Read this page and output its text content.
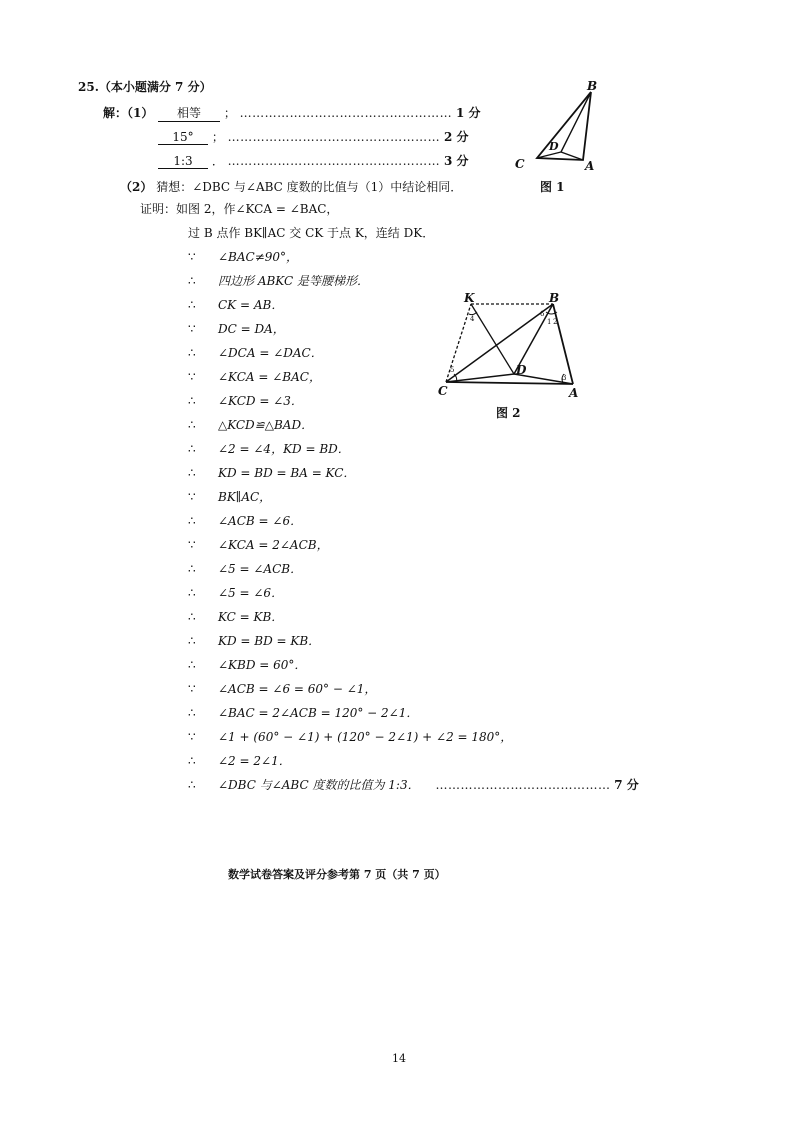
25.（本小题满分 7 分）
解：（1）	相等 ； …………………………………………… 1 分
15° ； …………………………………………… 2 分
1:3 ． …………………………………………… 3 分
B
C
D
A
图 1
（2） 猜想：∠DBC 与∠ABC 度数的比值与（1）中结论相同．
证明：如图 2，作∠KCA = ∠BAC，
过 B 点作 BK∥AC 交 CK 于点 K，连结 DK．
∵ ∠BAC≠90°，
∴ 四边形 ABKC 是等腰梯形．
∴ CK = AB．
∵ DC = DA，
∴ ∠DCA = ∠DAC．
∵ ∠KCA = ∠BAC，
∴ ∠KCD = ∠3．
∴ △KCD≌△BAD．
∴ ∠2 = ∠4，KD = BD．
∴ KD = BD = BA = KC．
∵ BK∥AC，
∴ ∠ACB = ∠6．
∵ ∠KCA = 2∠ACB，
∴ ∠5 = ∠ACB．
∴ ∠5 = ∠6．
∴ KC = KB．
∴ KD = BD = KB．
∴ ∠KBD = 60°．
∵ ∠ACB = ∠6 = 60° − ∠1，
∴ ∠BAC = 2∠ACB = 120° − 2∠1．
∵ ∠1 + (60° − ∠1) + (120° − 2∠1) + ∠2 = 180°，
∴ ∠2 = 2∠1．
∴ ∠DBC 与∠ABC 度数的比值为 1:3． …………………………………… 7 分
K	B
C
D
A
6
1 2
4
5
3
图 2
数学试卷答案及评分参考第 7 页（共 7 页）
14
